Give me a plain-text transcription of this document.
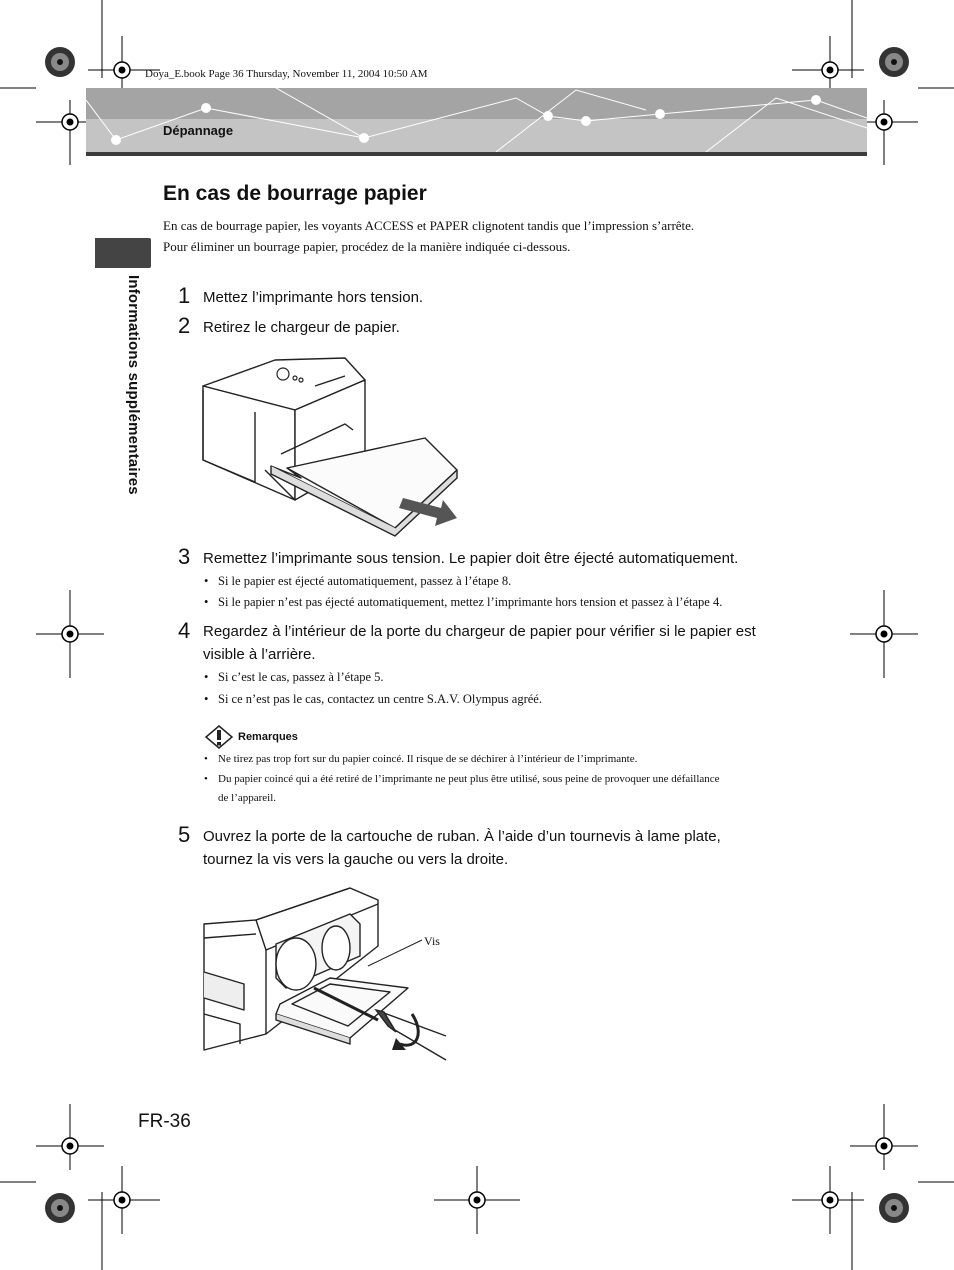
Doya_E.book Page 36 Thursday, November 11, 2004 10:50 AM
Dépannage
Informations supplémentaires
En cas de bourrage papier
En cas de bourrage papier, les voyants ACCESS et PAPER clignotent tandis que l’impression s’arrête.
Pour éliminer un bourrage papier, procédez de la manière indiquée ci-dessous.
1 Mettez l’imprimante hors tension.
2 Retirez le chargeur de papier.
3 Remettez l’imprimante sous tension. Le papier doit être éjecté automatiquement.
• Si le papier est éjecté automatiquement, passez à l’étape 8.
• Si le papier n’est pas éjecté automatiquement, mettez l’imprimante hors tension et passez à l’étape 4.
4 Regardez à l’intérieur de la porte du chargeur de papier pour vérifier si le papier est
visible à l’arrière.
• Si c’est le cas, passez à l’étape 5.
• Si ce n’est pas le cas, contactez un centre S.A.V. Olympus agréé.
Remarques
• Ne tirez pas trop fort sur du papier coincé. Il risque de se déchirer à l’intérieur de l’imprimante.
• Du papier coincé qui a été retiré de l’imprimante ne peut plus être utilisé, sous peine de provoquer une défaillance
de l’appareil.
5 Ouvrez la porte de la cartouche de ruban. À l’aide d’un tournevis à lame plate,
tournez la vis vers la gauche ou vers la droite.
Vis
FR-36
